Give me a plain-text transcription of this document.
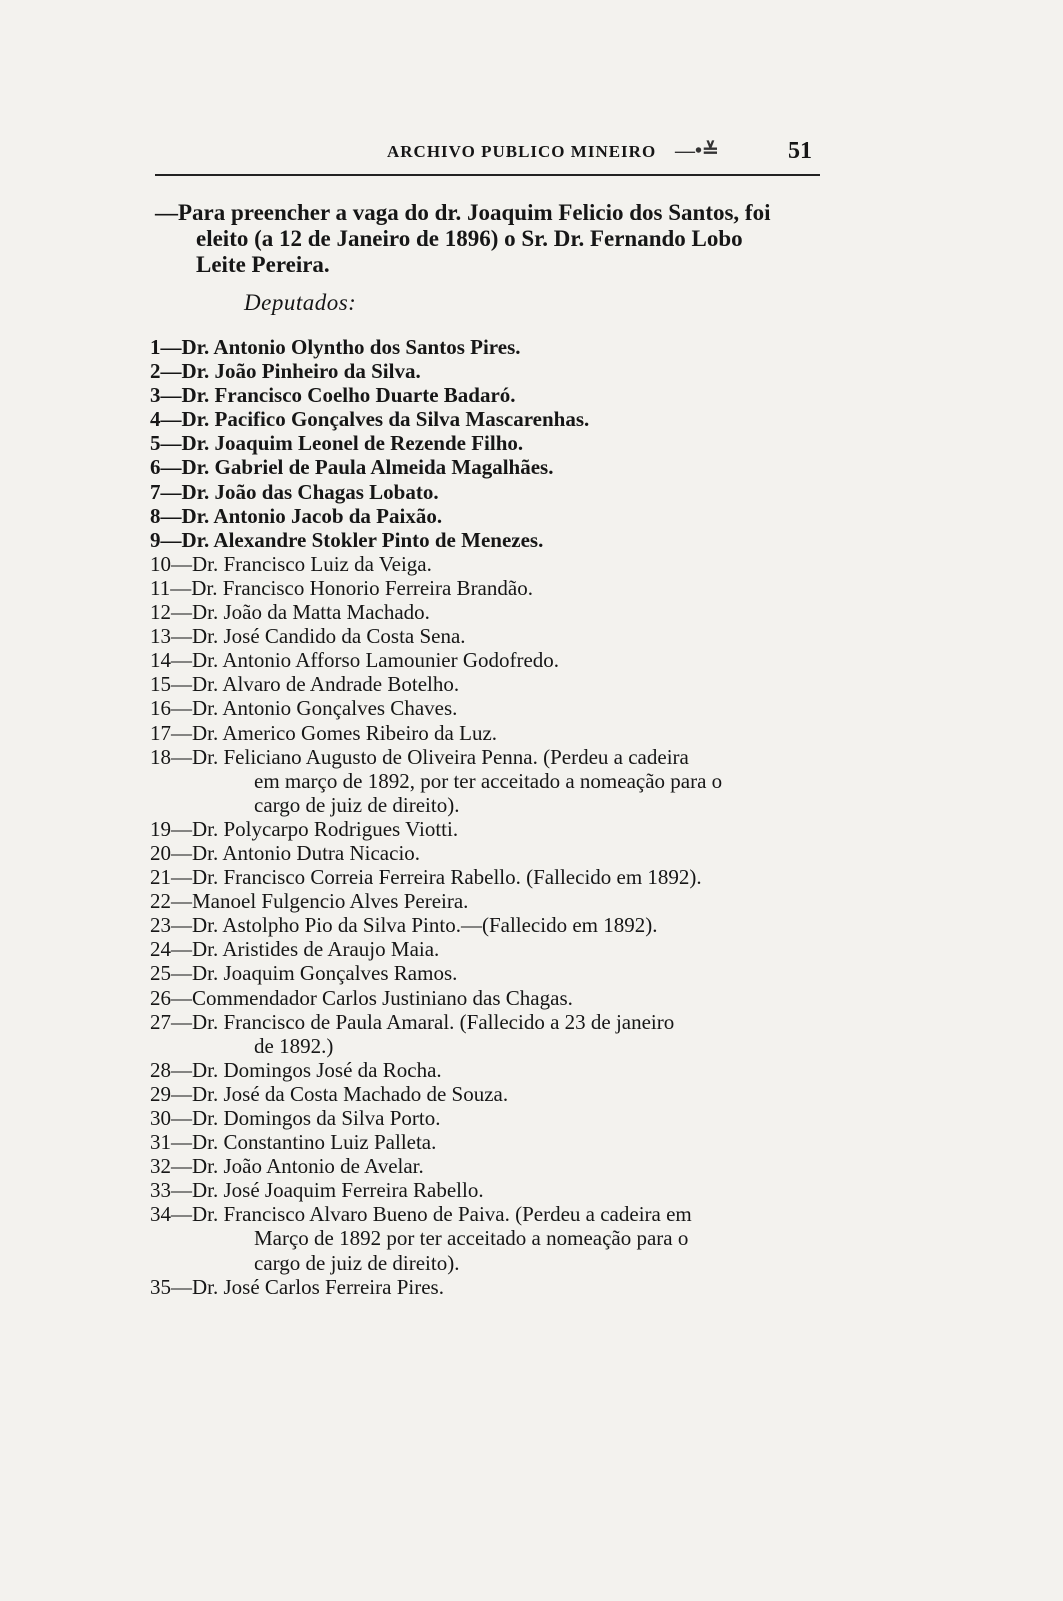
ARCHIVO PUBLICO MINEIRO —•≚	51
—Para preencher a vaga do dr. Joaquim Felicio dos Santos, foi
eleito (a 12 de Janeiro de 1896) o Sr. Dr. Fernando Lobo
Leite Pereira.
Deputados:
1—Dr. Antonio Olyntho dos Santos Pires.
2—Dr. João Pinheiro da Silva.
3—Dr. Francisco Coelho Duarte Badaró.
4—Dr. Pacifico Gonçalves da Silva Mascarenhas.
5—Dr. Joaquim Leonel de Rezende Filho.
6—Dr. Gabriel de Paula Almeida Magalhães.
7—Dr. João das Chagas Lobato.
8—Dr. Antonio Jacob da Paixão.
9—Dr. Alexandre Stokler Pinto de Menezes.
10—Dr. Francisco Luiz da Veiga.
11—Dr. Francisco Honorio Ferreira Brandão.
12—Dr. João da Matta Machado.
13—Dr. José Candido da Costa Sena.
14—Dr. Antonio Afforso Lamounier Godofredo.
15—Dr. Alvaro de Andrade Botelho.
16—Dr. Antonio Gonçalves Chaves.
17—Dr. Americo Gomes Ribeiro da Luz.
18—Dr. Feliciano Augusto de Oliveira Penna. (Perdeu a cadeira
em março de 1892, por ter acceitado a nomeação para o
cargo de juiz de direito).
19—Dr. Polycarpo Rodrigues Viotti.
20—Dr. Antonio Dutra Nicacio.
21—Dr. Francisco Correia Ferreira Rabello. (Fallecido em 1892).
22—Manoel Fulgencio Alves Pereira.
23—Dr. Astolpho Pio da Silva Pinto.—(Fallecido em 1892).
24—Dr. Aristides de Araujo Maia.
25—Dr. Joaquim Gonçalves Ramos.
26—Commendador Carlos Justiniano das Chagas.
27—Dr. Francisco de Paula Amaral. (Fallecido a 23 de janeiro
de 1892.)
28—Dr. Domingos José da Rocha.
29—Dr. José da Costa Machado de Souza.
30—Dr. Domingos da Silva Porto.
31—Dr. Constantino Luiz Palleta.
32—Dr. João Antonio de Avelar.
33—Dr. José Joaquim Ferreira Rabello.
34—Dr. Francisco Alvaro Bueno de Paiva. (Perdeu a cadeira em
Março de 1892 por ter acceitado a nomeação para o
cargo de juiz de direito).
35—Dr. José Carlos Ferreira Pires.
